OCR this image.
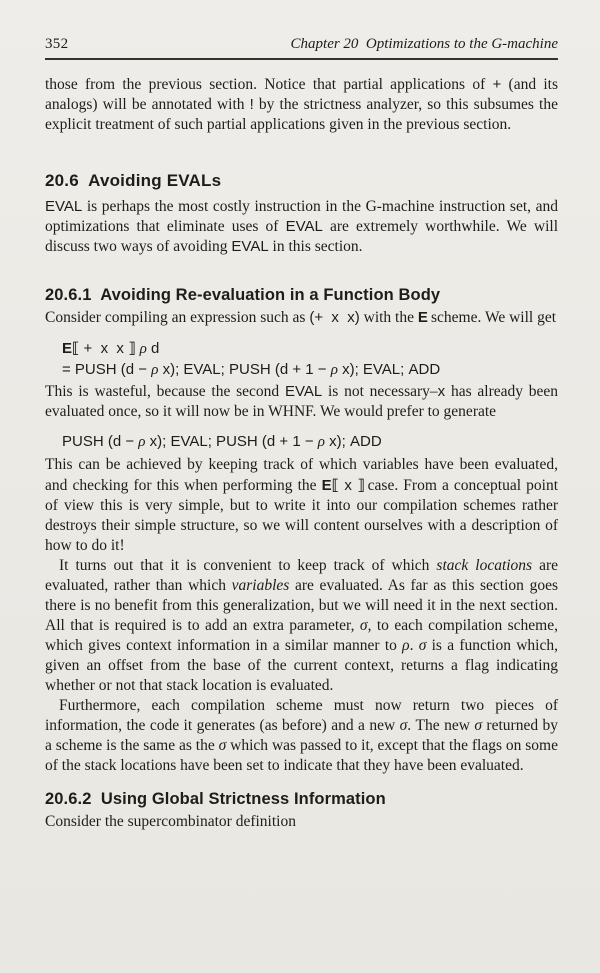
352	Chapter 20  Optimizations to the G-machine

those from the previous section. Notice that partial applications of + (and its analogs) will be annotated with ! by the strictness analyzer, so this subsumes the explicit treatment of such partial applications given in the previous section.

20.6  Avoiding EVALs

EVAL is perhaps the most costly instruction in the G-machine instruction set, and optimizations that eliminate uses of EVAL are extremely worthwhile. We will discuss two ways of avoiding EVAL in this section.

20.6.1  Avoiding Re-evaluation in a Function Body

Consider compiling an expression such as (+  x  x) with the E scheme. We will get

E⟦ +  x  x ⟧ ρ d
= PUSH (d − ρ x); EVAL; PUSH (d + 1 − ρ x); EVAL; ADD

This is wasteful, because the second EVAL is not necessary–x has already been evaluated once, so it will now be in WHNF. We would prefer to generate

PUSH (d − ρ x); EVAL; PUSH (d + 1 − ρ x); ADD

This can be achieved by keeping track of which variables have been evaluated, and checking for this when performing the E⟦ x ⟧ case. From a conceptual point of view this is very simple, but to write it into our compilation schemes rather destroys their simple structure, so we will content ourselves with a description of how to do it!

It turns out that it is convenient to keep track of which stack locations are evaluated, rather than which variables are evaluated. As far as this section goes there is no benefit from this generalization, but we will need it in the next section. All that is required is to add an extra parameter, σ, to each compilation scheme, which gives context information in a similar manner to ρ. σ is a function which, given an offset from the base of the current context, returns a flag indicating whether or not that stack location is evaluated.

Furthermore, each compilation scheme must now return two pieces of information, the code it generates (as before) and a new σ. The new σ returned by a scheme is the same as the σ which was passed to it, except that the flags on some of the stack locations have been set to indicate that they have been evaluated.

20.6.2  Using Global Strictness Information

Consider the supercombinator definition
